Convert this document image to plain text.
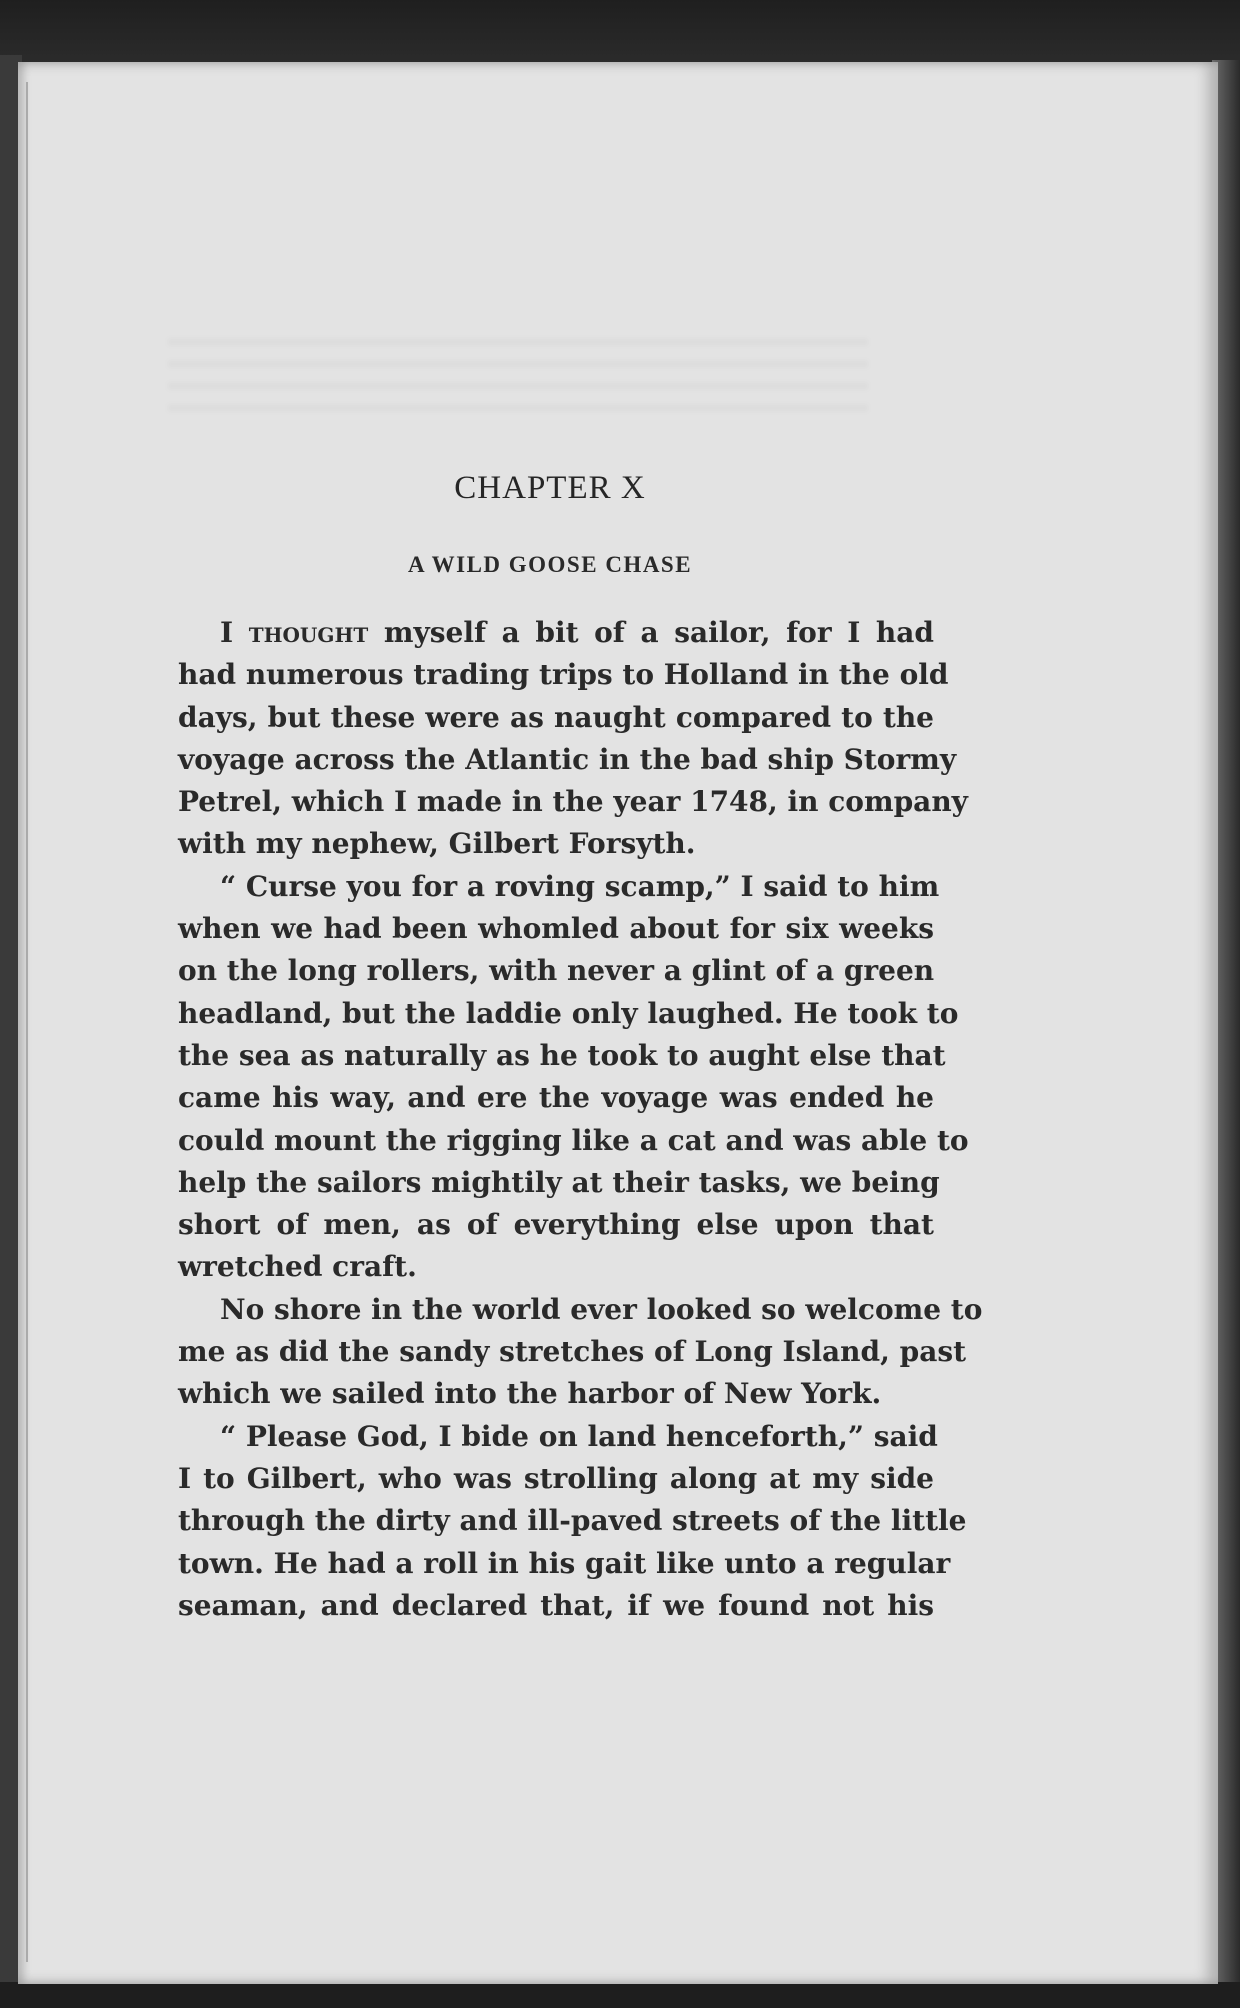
CHAPTER X
A WILD GOOSE CHASE
I thought myself a bit of a sailor, for I had
had numerous trading trips to Holland in the old
days, but these were as naught compared to the
voyage across the Atlantic in the bad ship Stormy
Petrel, which I made in the year 1748, in company
with my nephew, Gilbert Forsyth.
“ Curse you for a roving scamp,” I said to him
when we had been whomled about for six weeks
on the long rollers, with never a glint of a green
headland, but the laddie only laughed. He took to
the sea as naturally as he took to aught else that
came his way, and ere the voyage was ended he
could mount the rigging like a cat and was able to
help the sailors mightily at their tasks, we being
short of men, as of everything else upon that
wretched craft.
No shore in the world ever looked so welcome to
me as did the sandy stretches of Long Island, past
which we sailed into the harbor of New York.
“ Please God, I bide on land henceforth,” said
I to Gilbert, who was strolling along at my side
through the dirty and ill-paved streets of the little
town. He had a roll in his gait like unto a regular
seaman, and declared that, if we found not his
